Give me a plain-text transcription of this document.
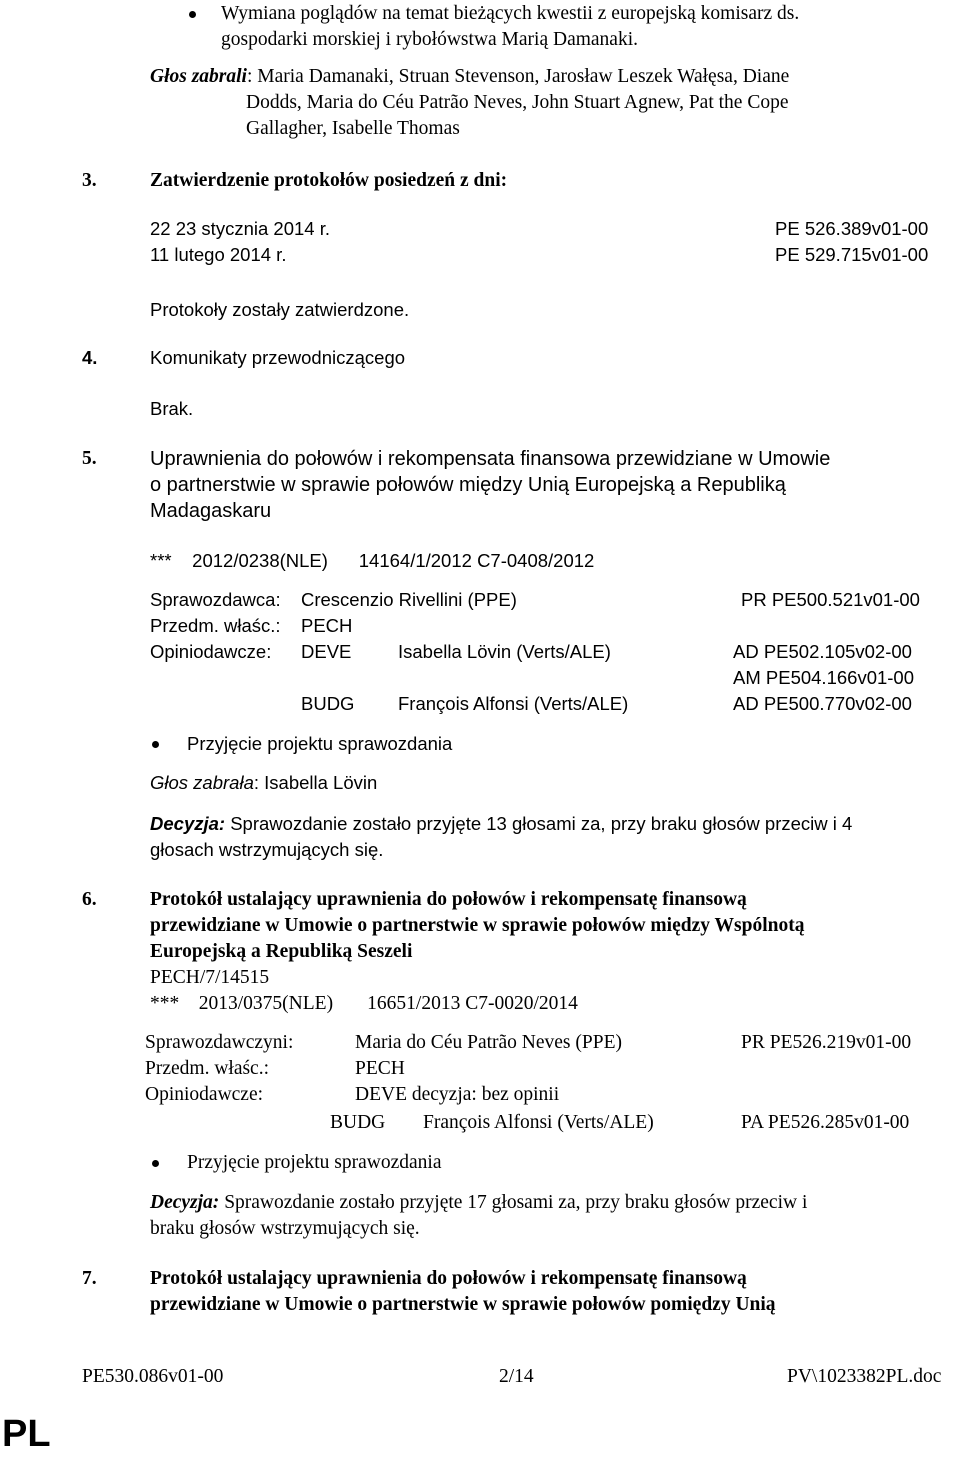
Wymiana poglądów na temat bieżących kwestii z europejską komisarz ds.
gospodarki morskiej i rybołówstwa Marią Damanaki.
Głos zabrali: Maria Damanaki, Struan Stevenson, Jarosław Leszek Wałęsa, Diane
Dodds, Maria do Céu Patrão Neves, John Stuart Agnew, Pat the Cope
Gallagher, Isabelle Thomas
3.	Zatwierdzenie protokołów posiedzeń z dni:
22 23 stycznia 2014 r.	PE 526.389v01-00
11 lutego 2014 r.	PE 529.715v01-00
Protokoły zostały zatwierdzone.
4.	Komunikaty przewodniczącego
Brak.
5.	Uprawnienia do połowów i rekompensata finansowa przewidziane w Umowie
o partnerstwie w sprawie połowów między Unią Europejską a Republiką
Madagaskaru
***    2012/0238(NLE)      14164/1/2012 C7-0408/2012
Sprawozdawca: Crescenzio Rivellini (PPE)	PR PE500.521v01-00
Przedm. właśc.: PECH
Opiniodawcze: DEVE	Isabella Lövin (Verts/ALE)	AD PE502.105v02-00
AM PE504.166v01-00
BUDG François Alfonsi (Verts/ALE)	AD PE500.770v02-00
Przyjęcie projektu sprawozdania
Głos zabrała: Isabella Lövin
Decyzja: Sprawozdanie zostało przyjęte 13 głosami za, przy braku głosów przeciw i 4
głosach wstrzymujących się.
6.	Protokół ustalający uprawnienia do połowów i rekompensatę finansową
przewidziane w Umowie o partnerstwie w sprawie połowów między Wspólnotą
Europejską a Republiką Seszeli
PECH/7/14515
***    2013/0375(NLE)       16651/2013 C7-0020/2014
Sprawozdawczyni:	Maria do Céu Patrão Neves (PPE)	PR PE526.219v01-00
Przedm. właśc.:	PECH
Opiniodawcze:	DEVE decyzja: bez opinii
BUDG François Alfonsi (Verts/ALE)	PA PE526.285v01-00
Przyjęcie projektu sprawozdania
Decyzja: Sprawozdanie zostało przyjęte 17 głosami za, przy braku głosów przeciw i
braku głosów wstrzymujących się.
7.	Protokół ustalający uprawnienia do połowów i rekompensatę finansową
przewidziane w Umowie o partnerstwie w sprawie połowów pomiędzy Unią
PE530.086v01-00	2/14	PV\1023382PL.doc
PL
